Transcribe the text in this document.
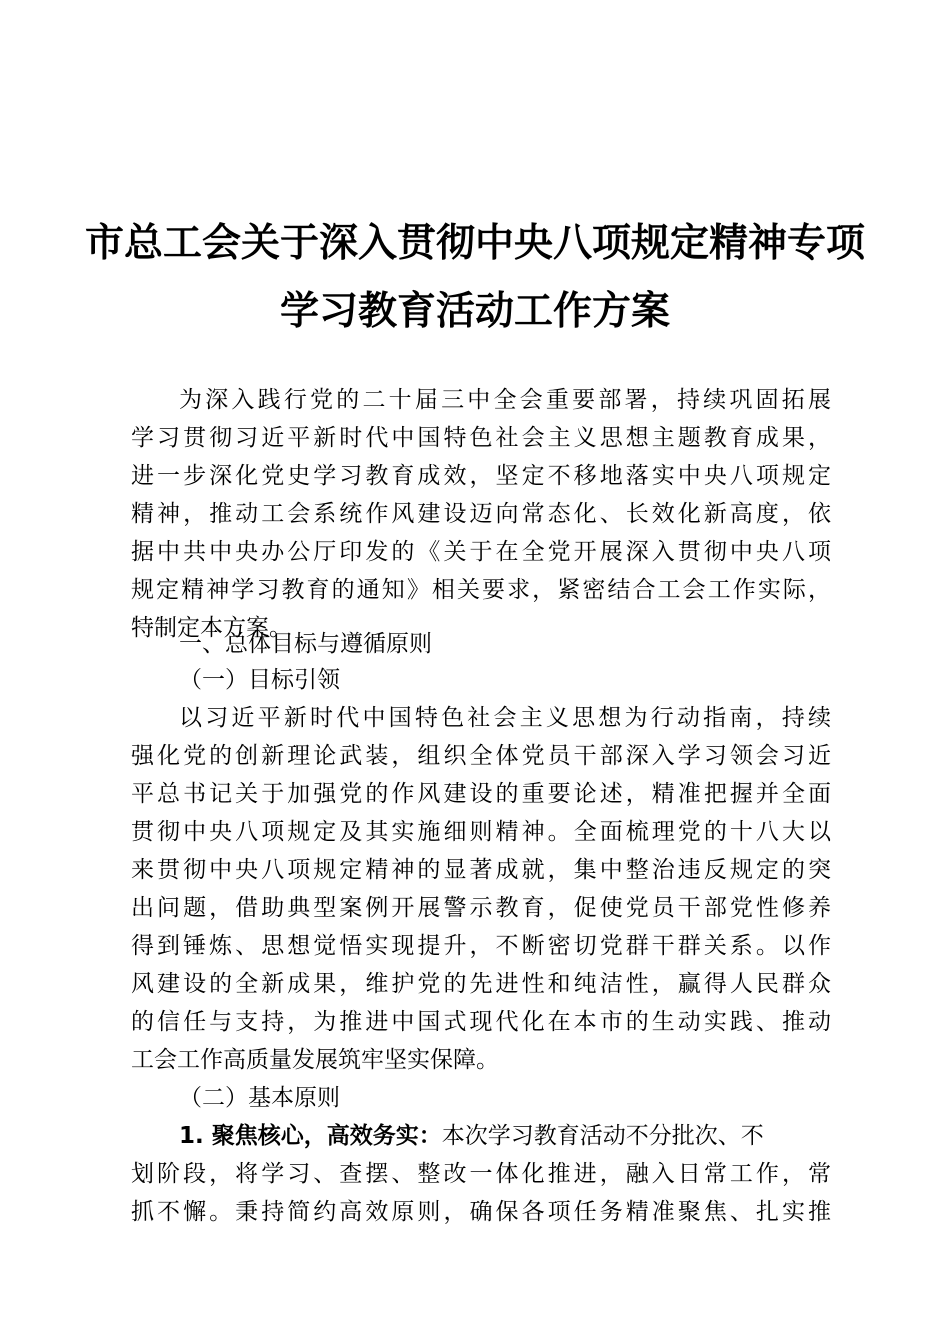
市总工会关于深入贯彻中央八项规定精神专项
学习教育活动工作方案
为深入践行党的二十届三中全会重要部署，持续巩固拓展
学习贯彻习近平新时代中国特色社会主义思想主题教育成果，
进一步深化党史学习教育成效，坚定不移地落实中央八项规定
精神，推动工会系统作风建设迈向常态化、长效化新高度，依
据中共中央办公厅印发的《关于在全党开展深入贯彻中央八项
规定精神学习教育的通知》相关要求，紧密结合工会工作实际，
特制定本方案。
一、总体目标与遵循原则
（一）目标引领
以习近平新时代中国特色社会主义思想为行动指南，持续
强化党的创新理论武装，组织全体党员干部深入学习领会习近
平总书记关于加强党的作风建设的重要论述，精准把握并全面
贯彻中央八项规定及其实施细则精神。全面梳理党的十八大以
来贯彻中央八项规定精神的显著成就，集中整治违反规定的突
出问题，借助典型案例开展警示教育，促使党员干部党性修养
得到锤炼、思想觉悟实现提升，不断密切党群干群关系。以作
风建设的全新成果，维护党的先进性和纯洁性，赢得人民群众
的信任与支持，为推进中国式现代化在本市的生动实践、推动
工会工作高质量发展筑牢坚实保障。
（二）基本原则
1. 聚焦核心，高效务实：本次学习教育活动不分批次、不
划阶段，将学习、查摆、整改一体化推进，融入日常工作，常
抓不懈。秉持简约高效原则，确保各项任务精准聚焦、扎实推
